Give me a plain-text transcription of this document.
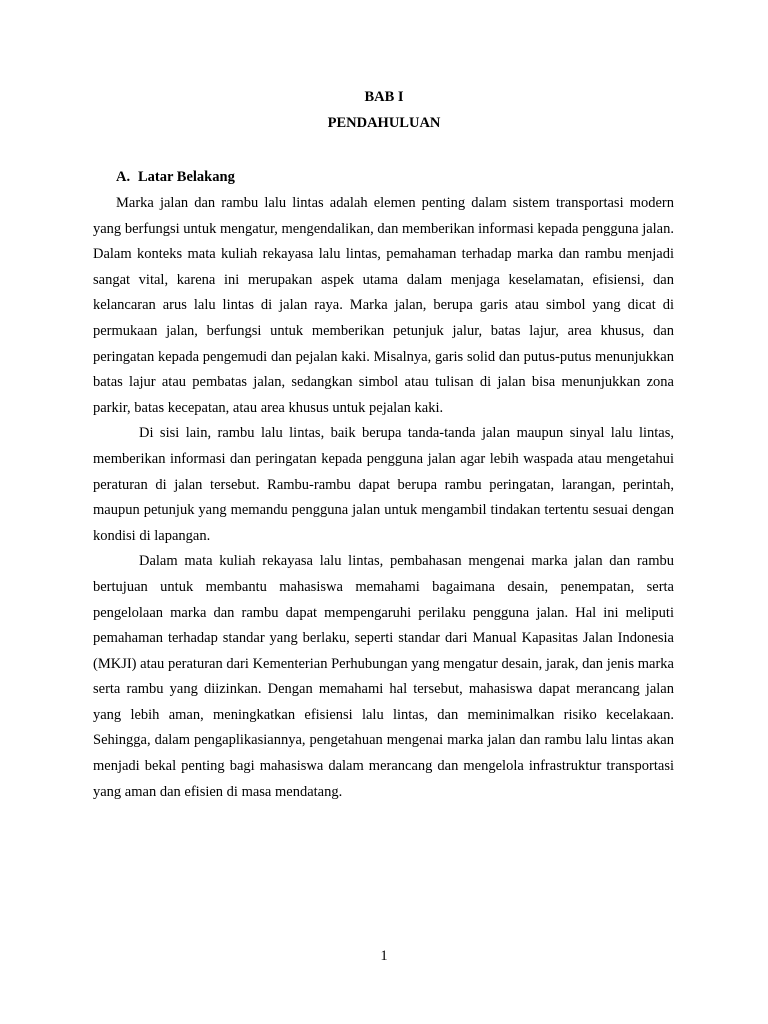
BAB I
PENDAHULUAN
A. Latar Belakang

Marka jalan dan rambu lalu lintas adalah elemen penting dalam sistem transportasi modern yang berfungsi untuk mengatur, mengendalikan, dan memberikan informasi kepada pengguna jalan. Dalam konteks mata kuliah rekayasa lalu lintas, pemahaman terhadap marka dan rambu menjadi sangat vital, karena ini merupakan aspek utama dalam menjaga keselamatan, efisiensi, dan kelancaran arus lalu lintas di jalan raya. Marka jalan, berupa garis atau simbol yang dicat di permukaan jalan, berfungsi untuk memberikan petunjuk jalur, batas lajur, area khusus, dan peringatan kepada pengemudi dan pejalan kaki. Misalnya, garis solid dan putus-putus menunjukkan batas lajur atau pembatas jalan, sedangkan simbol atau tulisan di jalan bisa menunjukkan zona parkir, batas kecepatan, atau area khusus untuk pejalan kaki.

Di sisi lain, rambu lalu lintas, baik berupa tanda-tanda jalan maupun sinyal lalu lintas, memberikan informasi dan peringatan kepada pengguna jalan agar lebih waspada atau mengetahui peraturan di jalan tersebut. Rambu-rambu dapat berupa rambu peringatan, larangan, perintah, maupun petunjuk yang memandu pengguna jalan untuk mengambil tindakan tertentu sesuai dengan kondisi di lapangan.

Dalam mata kuliah rekayasa lalu lintas, pembahasan mengenai marka jalan dan rambu bertujuan untuk membantu mahasiswa memahami bagaimana desain, penempatan, serta pengelolaan marka dan rambu dapat mempengaruhi perilaku pengguna jalan. Hal ini meliputi pemahaman terhadap standar yang berlaku, seperti standar dari Manual Kapasitas Jalan Indonesia (MKJI) atau peraturan dari Kementerian Perhubungan yang mengatur desain, jarak, dan jenis marka serta rambu yang diizinkan. Dengan memahami hal tersebut, mahasiswa dapat merancang jalan yang lebih aman, meningkatkan efisiensi lalu lintas, dan meminimalkan risiko kecelakaan. Sehingga, dalam pengaplikasiannya, pengetahuan mengenai marka jalan dan rambu lalu lintas akan menjadi bekal penting bagi mahasiswa dalam merancang dan mengelola infrastruktur transportasi yang aman dan efisien di masa mendatang.

1
